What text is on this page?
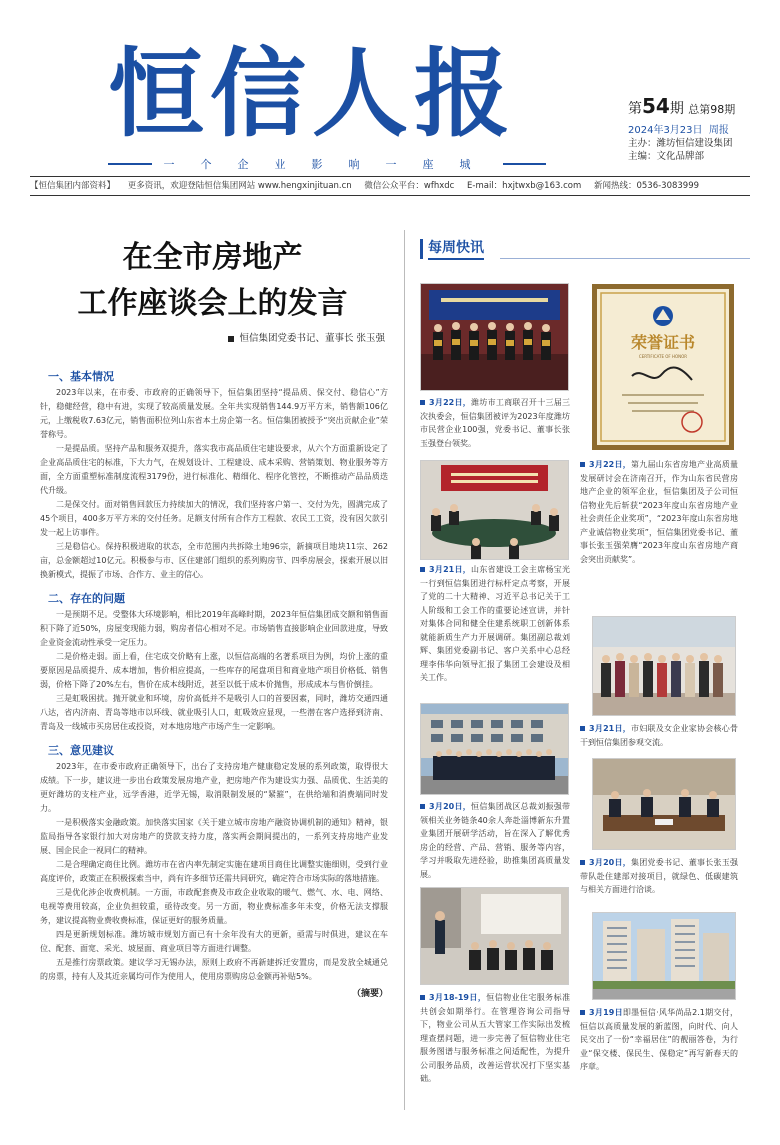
恒信人报
一个企业影响一座城
第54期 总第98期
2024年3月23日 周报
主办：潍坊恒信建设集团
主编：文化品牌部
【恒信集团内部资料】 更多资讯，欢迎登陆恒信集团网站 www.hengxinjituan.cn 微信公众平台：wfhxdc E-mail：hxjtwxb@163.com 新闻热线：0536-3083999
在全市房地产
工作座谈会上的发言
恒信集团党委书记、董事长 张玉强
一、基本情况

2023年以来，在市委、市政府的正确领导下，恒信集团坚持“提品质、保交付、稳信心”方针，稳健经营，稳中有进，实现了较高质量发展。全年共实现销售144.9万平方米，销售额106亿元，上缴税收7.63亿元，销售面积位列山东省本土房企第一名。恒信集团被授予“突出贡献企业”荣誉称号。

一是提品质。坚持产品和服务双提升，落实我市高品质住宅建设要求，从六个方面重新设定了企业高品质住宅的标准，下大力气，在规划设计、工程建设、成本采购、营销策划、物业服务等方面，全方面重塑标准制度流程3179份，进行标准化、精细化、程序化管控，不断推动产品品质迭代升级。

二是保交付。面对销售回款压力持续加大的情况，我们坚持客户第一、交付为先，圆满完成了45个项目，400多万平方米的交付任务。足额支付所有合作方工程款、农民工工资，没有因欠款引发一起上访事件。

三是稳信心。保持积极进取的状态，全市范围内共拆除土地96宗，新摘项目地块11宗、262亩，总金额超过10亿元。积极参与市、区住建部门组织的系列购房节、四季房展会，探索开展以旧换新模式，提振了市场、合作方、业主的信心。

二、存在的问题

一是预期不足。受整体大环境影响，相比2019年高峰时期，2023年恒信集团成交额和销售面积下降了近50%，房屋变现能力弱，购房者信心相对不足。市场销售直接影响企业回款进度，导致企业资金流动性承受一定压力。

二是价格走弱。面上看，住宅成交价略有上涨，以恒信高端的名著系项目为例，均价上涨的重要原因是品质提升、成本增加，售价相应提高，一些库存的尾盘项目和商业地产项目价格低、销售弱，价格下降了20%左右，售价在成本线附近，甚至以低于成本价抛售，形成成本与售价倒挂。

三是虹吸困扰。抛开就业和环境，房价高低并不是吸引人口的首要因素，同时，潍坊交通四通八达，省内济南、青岛等地市以环线、就业吸引人口，虹吸效应显现，一些潜在客户选择到济南、青岛及一线城市买房居住或投资，对本地房地产市场产生一定影响。

三、意见建议

2023年，在市委市政府正确领导下，出台了支持房地产健康稳定发展的系列政策，取得很大成绩。下一步，建议进一步出台政策发展房地产业，把房地产作为建设实力强、品质优、生活美的更好潍坊的支柱产业，远学香港，近学无锡，取消限制发展的“紧箍”，在供给端和消费端同时发力。

一是积极落实金融政策。加快落实国家《关于建立城市房地产融资协调机制的通知》精神，银监局指导各家银行加大对房地产的贷款支持力度，落实两会期间提出的，一系列支持房地产业发展、国企民企一视同仁的精神。

二是合理确定商住比例。潍坊市在省内率先制定实施在建项目商住比调整实施细则，受到行业高度评价，政策正在积极探索当中，尚有许多细节还需共同研究，确定符合市场实际的落地措施。

三是优化涉企收费机制。一方面，市政配套费及市政企业收取的暖气、燃气、水、电、网络、电视等费用较高，企业负担较重，亟待改变。另一方面，物业费标准多年未变，价格无法支撑服务，建议提高物业费收费标准，保证更好的服务质量。

四是更新规划标准。潍坊城市规划方面已有十余年没有大的更新，亟需与时俱进，建议在车位、配套、面宽、采光、坡屋面、商业项目等方面进行调整。

五是推行房票政策。建议学习无锡办法，原则上政府不再新建拆迁安置房，而是发放全城通兑的房票，持有人及其近亲属均可作为使用人，使用房票购房总金额再补贴5%。

（摘要）
每周快讯
3月22日，潍坊市工商联召开十三届三次执委会，恒信集团被评为2023年度潍坊市民营企业100强，党委书记、董事长张玉强登台领奖。
3月21日，山东省建设工会主席杨宝光一行到恒信集团进行标杆定点考察，开展了党的二十大精神、习近平总书记关于工人阶级和工会工作的重要论述宣讲，并针对集体合同和健全住建系统职工创新体系就能新质生产力开展调研。集团副总裁刘辉、集团党委副书记、客户关系中心总经理李伟华向领导汇报了集团工会建设及相关工作。
3月20日，恒信集团战区总裁刘振强带领相关业务链条40余人奔赴淄博新东升置业集团开展研学活动，旨在深入了解优秀房企的经营、产品、营销、服务等内容，学习并吸取先进经验，助推集团高质量发展。
3月18-19日，恒信物业住宅服务标准共创会如期举行。在管理咨询公司指导下，物业公司从五大管家工作实际出发梳理查摆问题，进一步完善了恒信物业住宅服务图谱与服务标准之间适配性，为提升公司服务品质，改善运营状况打下坚实基础。
荣誉证书
CERTIFICATE OF HONOR
3月22日，第九届山东省房地产业高质量发展研讨会在济南召开，作为山东省民营房地产企业的领军企业，恒信集团及子公司恒信物业先后斩获“2023年度山东省房地产业社会责任企业奖项”，“2023年度山东省房地产业诚信物业奖项”，恒信集团党委书记、董事长张玉强荣膺“2023年度山东省房地产商会突出贡献奖”。
3月21日，市妇联及女企业家协会核心骨干到恒信集团参观交流。
3月20日，集团党委书记、董事长张玉强带队赴住建部对接项目，就绿色、低碳建筑与相关方面进行洽谈。
3月19日即墨恒信·风华尚品2.1期交付，恒信以高质量发展的新蓝图，向时代、向人民交出了一份“幸福居住”的靓丽答卷，为行业“保交楼、保民生、保稳定”再写新春天的序章。
